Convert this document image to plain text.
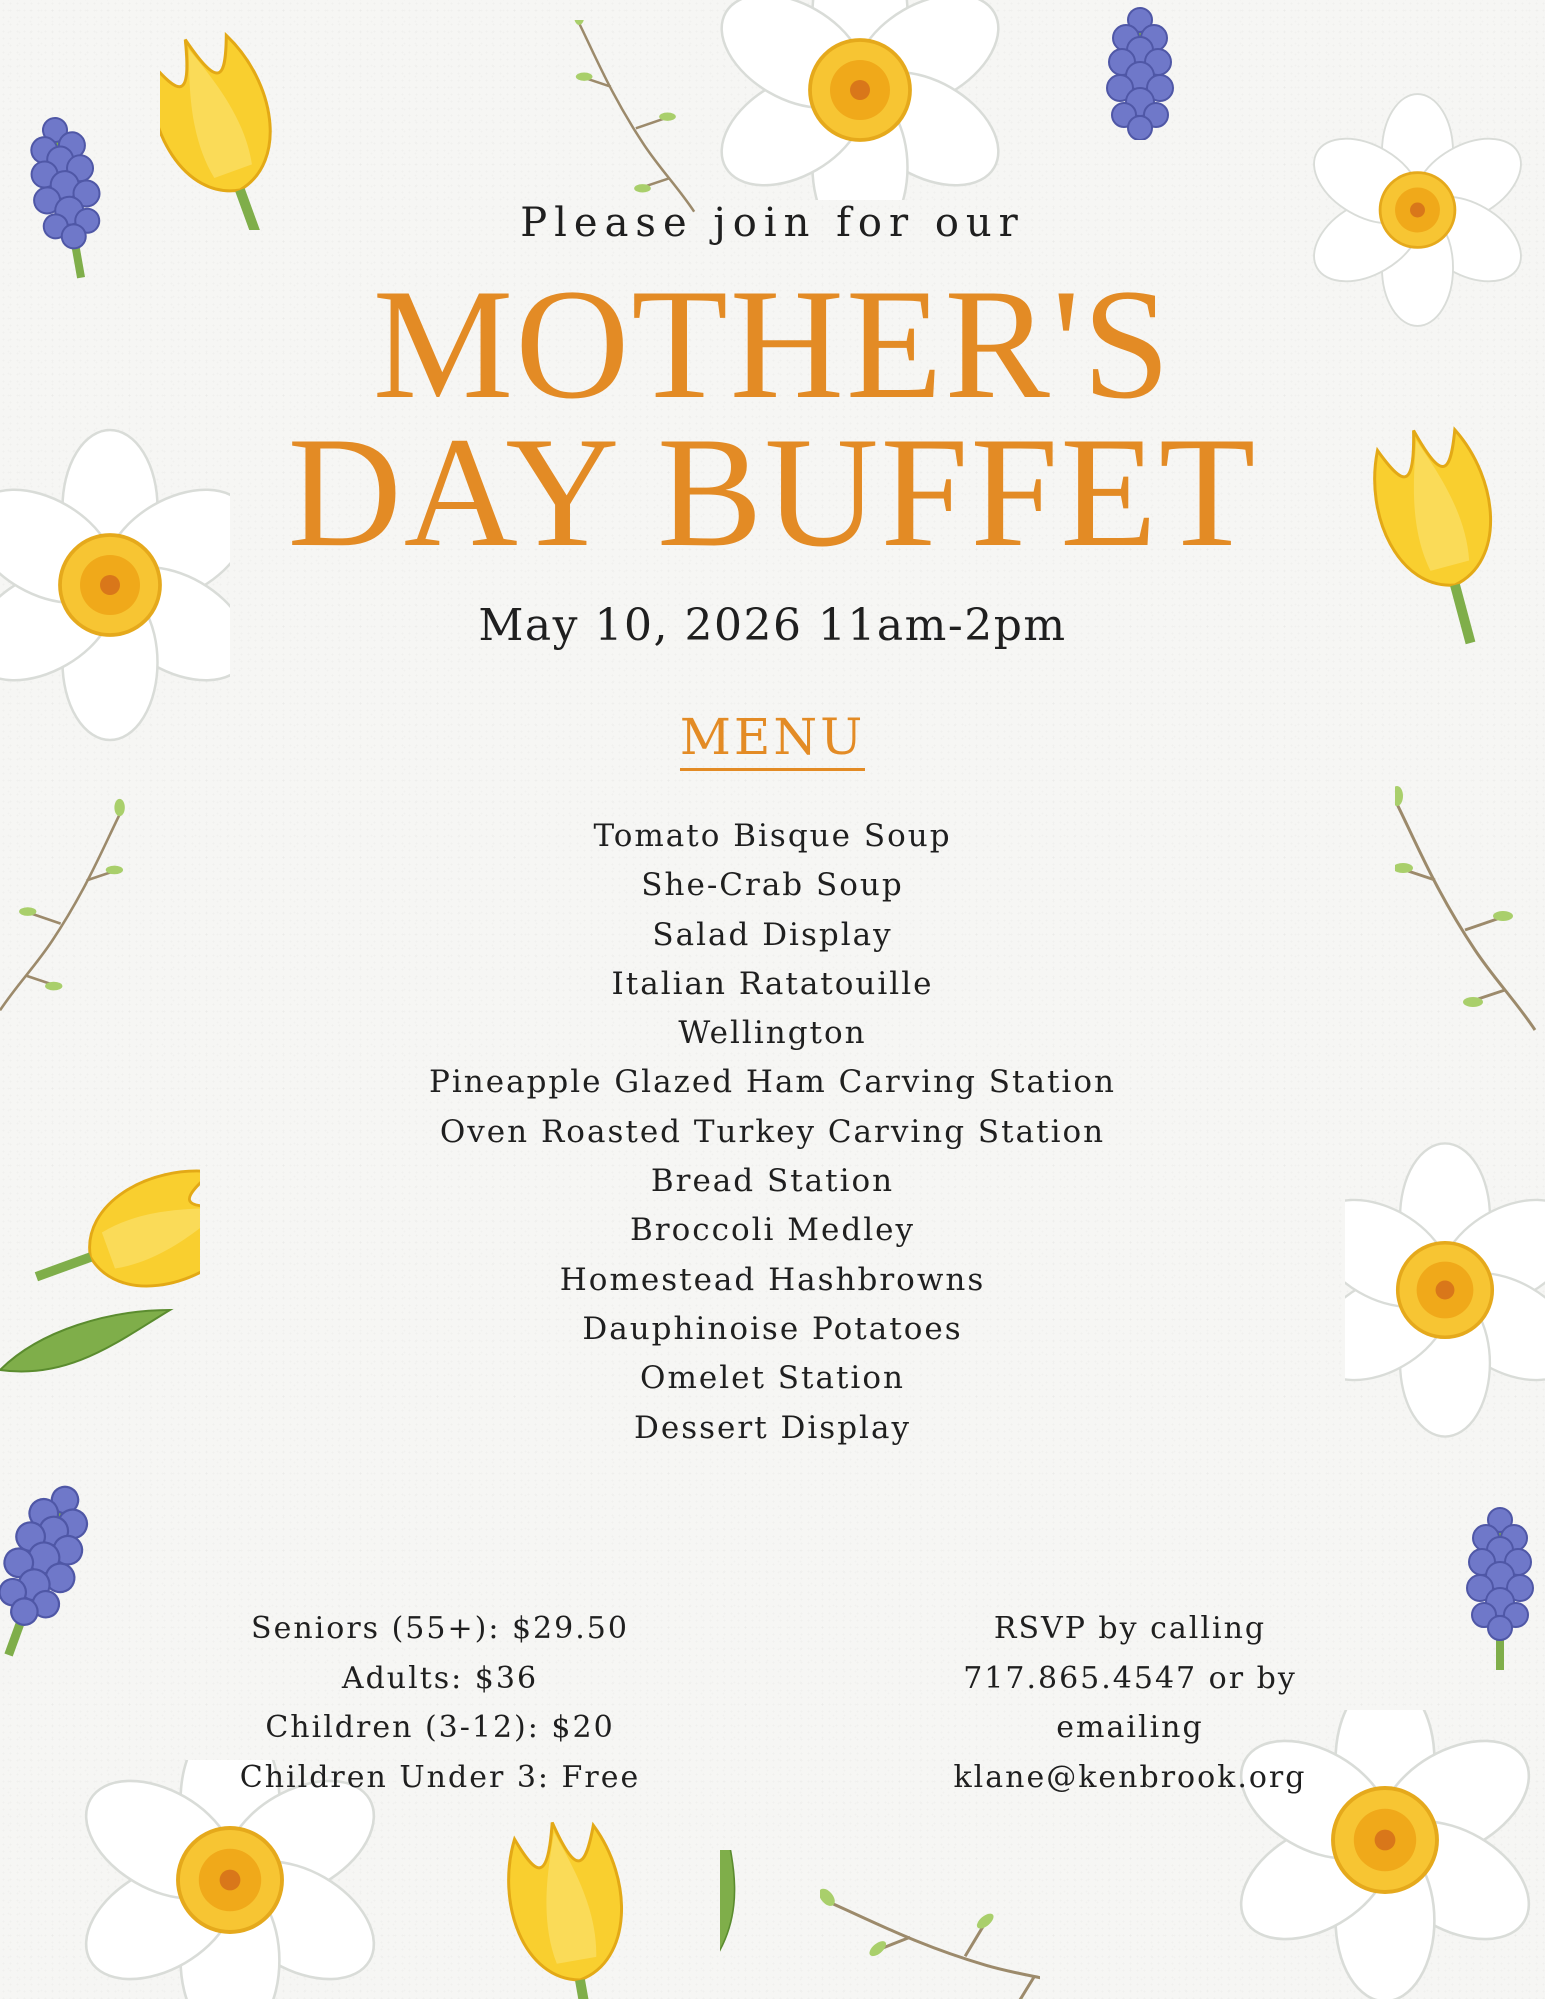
Please join for our
MOTHER'S
DAY BUFFET
May 10, 2026 11am-2pm
MENU
Tomato Bisque Soup
She-Crab Soup
Salad Display
Italian Ratatouille
Wellington
Pineapple Glazed Ham Carving Station
Oven Roasted Turkey Carving Station
Bread Station
Broccoli Medley
Homestead Hashbrowns
Dauphinoise Potatoes
Omelet Station
Dessert Display
Seniors (55+): $29.50
Adults: $36
Children (3-12): $20
Children Under 3: Free
RSVP by calling
717.865.4547 or by
emailing
klane@kenbrook.org
